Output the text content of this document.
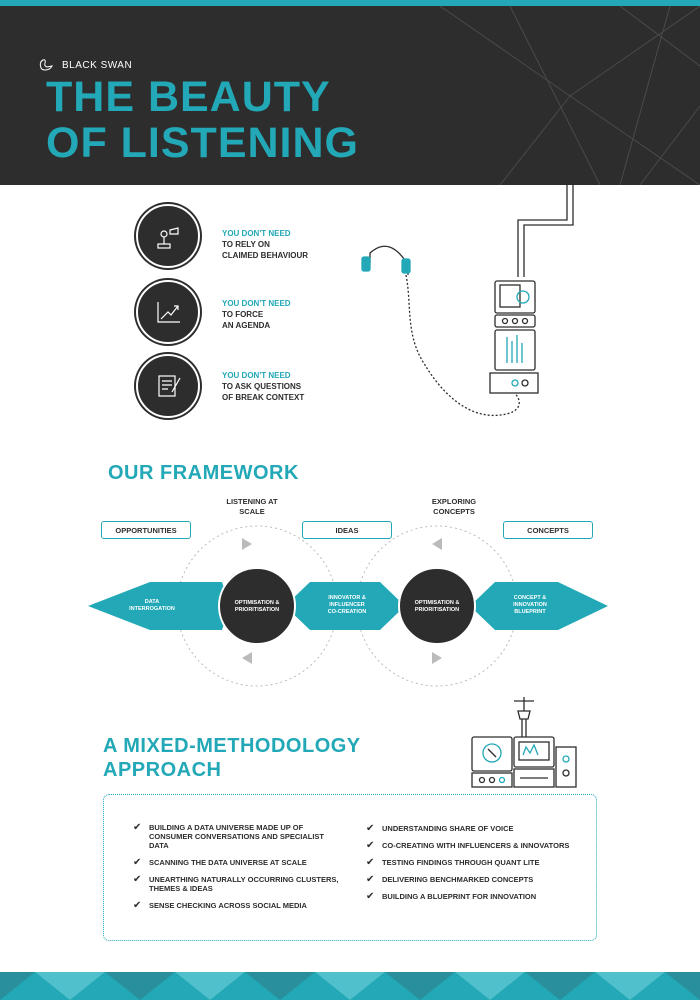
BLACK SWAN
THE BEAUTY
OF LISTENING
YOU DON'T NEED
TO RELY ON
CLAIMED BEHAVIOUR
YOU DON'T NEED
TO FORCE
AN AGENDA
YOU DON'T NEED
TO ASK QUESTIONS
OF BREAK CONTEXT
OUR FRAMEWORK
LISTENING AT
SCALE
EXPLORING
CONCEPTS
OPPORTUNITIES	IDEAS	CONCEPTS
DATA
INTERROGATION
INNOVATOR &
INFLUENCER
CO-CREATION
CONCEPT &
INNOVATION
BLUEPRINT
OPTIMISATION &
PRIORITISATION
OPTIMISATION &
PRIORITISATION
A MIXED-METHODOLOGY
APPROACH
✔ BUILDING A DATA UNIVERSE MADE UP OF
CONSUMER CONVERSATIONS AND SPECIALIST
DATA
✔ SCANNING THE DATA UNIVERSE AT SCALE
✔ UNEARTHING NATURALLY OCCURRING CLUSTERS,
THEMES & IDEAS
✔ SENSE CHECKING ACROSS SOCIAL MEDIA
✔ UNDERSTANDING SHARE OF VOICE
✔ CO-CREATING WITH INFLUENCERS & INNOVATORS
✔ TESTING FINDINGS THROUGH QUANT LITE
✔ DELIVERING BENCHMARKED CONCEPTS
✔ BUILDING A BLUEPRINT FOR INNOVATION
